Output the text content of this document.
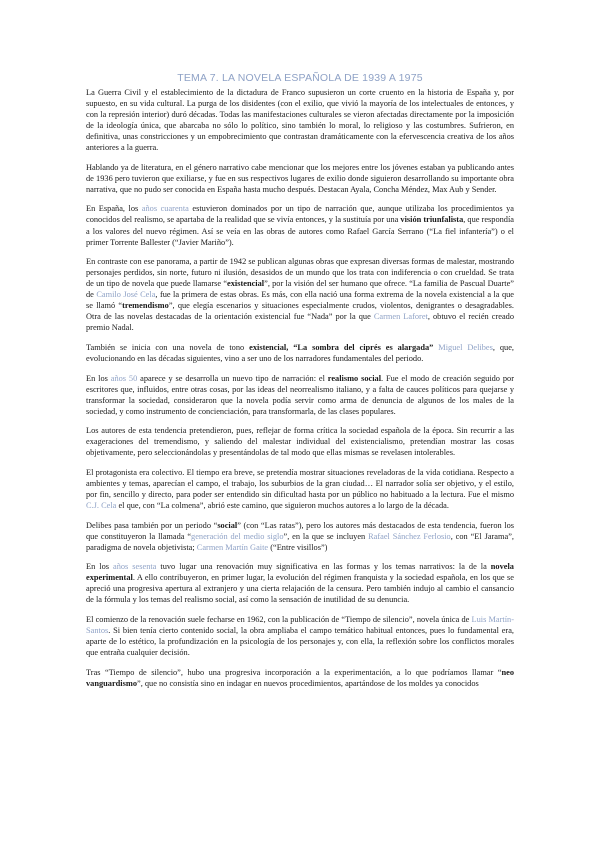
TEMA 7. LA NOVELA ESPAÑOLA DE 1939 A 1975

La Guerra Civil y el establecimiento de la dictadura de Franco supusieron un corte cruento en la historia de España y, por supuesto, en su vida cultural. La purga de los disidentes (con el exilio, que vivió la mayoría de los intelectuales de entonces, y con la represión interior) duró décadas. Todas las manifestaciones culturales se vieron afectadas directamente por la imposición de la ideología única, que abarcaba no sólo lo político, sino también lo moral, lo religioso y las costumbres. Sufrieron, en definitiva, unas constricciones y un empobrecimiento que contrastan dramáticamente con la efervescencia creativa de los años anteriores a la guerra.

Hablando ya de literatura, en el género narrativo cabe mencionar que los mejores entre los jóvenes estaban ya publicando antes de 1936 pero tuvieron que exiliarse, y fue en sus respectivos lugares de exilio donde siguieron desarrollando su importante obra narrativa, que no pudo ser conocida en España hasta mucho después. Destacan Ayala, Concha Méndez, Max Aub y Sender.

En España, los años cuarenta estuvieron dominados por un tipo de narración que, aunque utilizaba los procedimientos ya conocidos del realismo, se apartaba de la realidad que se vivía entonces, y la sustituía por una visión triunfalista, que respondía a los valores del nuevo régimen. Así se veía en las obras de autores como Rafael García Serrano (“La fiel infantería”) o el primer Torrente Ballester (“Javier Mariño”).

En contraste con ese panorama, a partir de 1942 se publican algunas obras que expresan diversas formas de malestar, mostrando personajes perdidos, sin norte, futuro ni ilusión, desasidos de un mundo que los trata con indiferencia o con crueldad. Se trata de un tipo de novela que puede llamarse “existencial”, por la visión del ser humano que ofrece. “La familia de Pascual Duarte” de Camilo José Cela, fue la primera de estas obras. Es más, con ella nació una forma extrema de la novela existencial a la que se llamó “tremendismo”, que elegía escenarios y situaciones especialmente crudos, violentos, denigrantes o desagradables. Otra de las novelas destacadas de la orientación existencial fue “Nada” por la que Carmen Laforet, obtuvo el recién creado premio Nadal.

También se inicia con una novela de tono existencial, “La sombra del ciprés es alargada” Miguel Delibes, que, evolucionando en las décadas siguientes, vino a ser uno de los narradores fundamentales del periodo.

En los años 50 aparece y se desarrolla un nuevo tipo de narración: el realismo social. Fue el modo de creación seguido por escritores que, influidos, entre otras cosas, por las ideas del neorrealismo italiano, y a falta de cauces políticos para quejarse y transformar la sociedad, consideraron que la novela podía servir como arma de denuncia de algunos de los males de la sociedad, y como instrumento de concienciación, para transformarla, de las clases populares.

Los autores de esta tendencia pretendieron, pues, reflejar de forma crítica la sociedad española de la época. Sin recurrir a las exageraciones del tremendismo, y saliendo del malestar individual del existencialismo, pretendían mostrar las cosas objetivamente, pero seleccionándolas y presentándolas de tal modo que ellas mismas se revelasen intolerables.

El protagonista era colectivo. El tiempo era breve, se pretendía mostrar situaciones reveladoras de la vida cotidiana. Respecto a ambientes y temas, aparecían el campo, el trabajo, los suburbios de la gran ciudad… El narrador solía ser objetivo, y el estilo, por fin, sencillo y directo, para poder ser entendido sin dificultad hasta por un público no habituado a la lectura. Fue el mismo C.J. Cela el que, con “La colmena”, abrió este camino, que siguieron muchos autores a lo largo de la década.

Delibes pasa también por un periodo “social” (con “Las ratas”), pero los autores más destacados de esta tendencia, fueron los que constituyeron la llamada “generación del medio siglo”, en la que se incluyen Rafael Sánchez Ferlosio, con “El Jarama”, paradigma de novela objetivista; Carmen Martín Gaite (“Entre visillos”)

En los años sesenta tuvo lugar una renovación muy significativa en las formas y los temas narrativos: la de la novela experimental. A ello contribuyeron, en primer lugar, la evolución del régimen franquista y la sociedad española, en los que se apreció una progresiva apertura al extranjero y una cierta relajación de la censura. Pero también indujo al cambio el cansancio de la fórmula y los temas del realismo social, así como la sensación de inutilidad de su denuncia.

El comienzo de la renovación suele fecharse en 1962, con la publicación de “Tiempo de silencio”, novela única de Luis Martín-Santos. Si bien tenía cierto contenido social, la obra ampliaba el campo temático habitual entonces, pues lo fundamental era, aparte de lo estético, la profundización en la psicología de los personajes y, con ella, la reflexión sobre los conflictos morales que entraña cualquier decisión.

Tras “Tiempo de silencio”, hubo una progresiva incorporación a la experimentación, a lo que podríamos llamar “neo vanguardismo”, que no consistía sino en indagar en nuevos procedimientos, apartándose de los moldes ya conocidos
